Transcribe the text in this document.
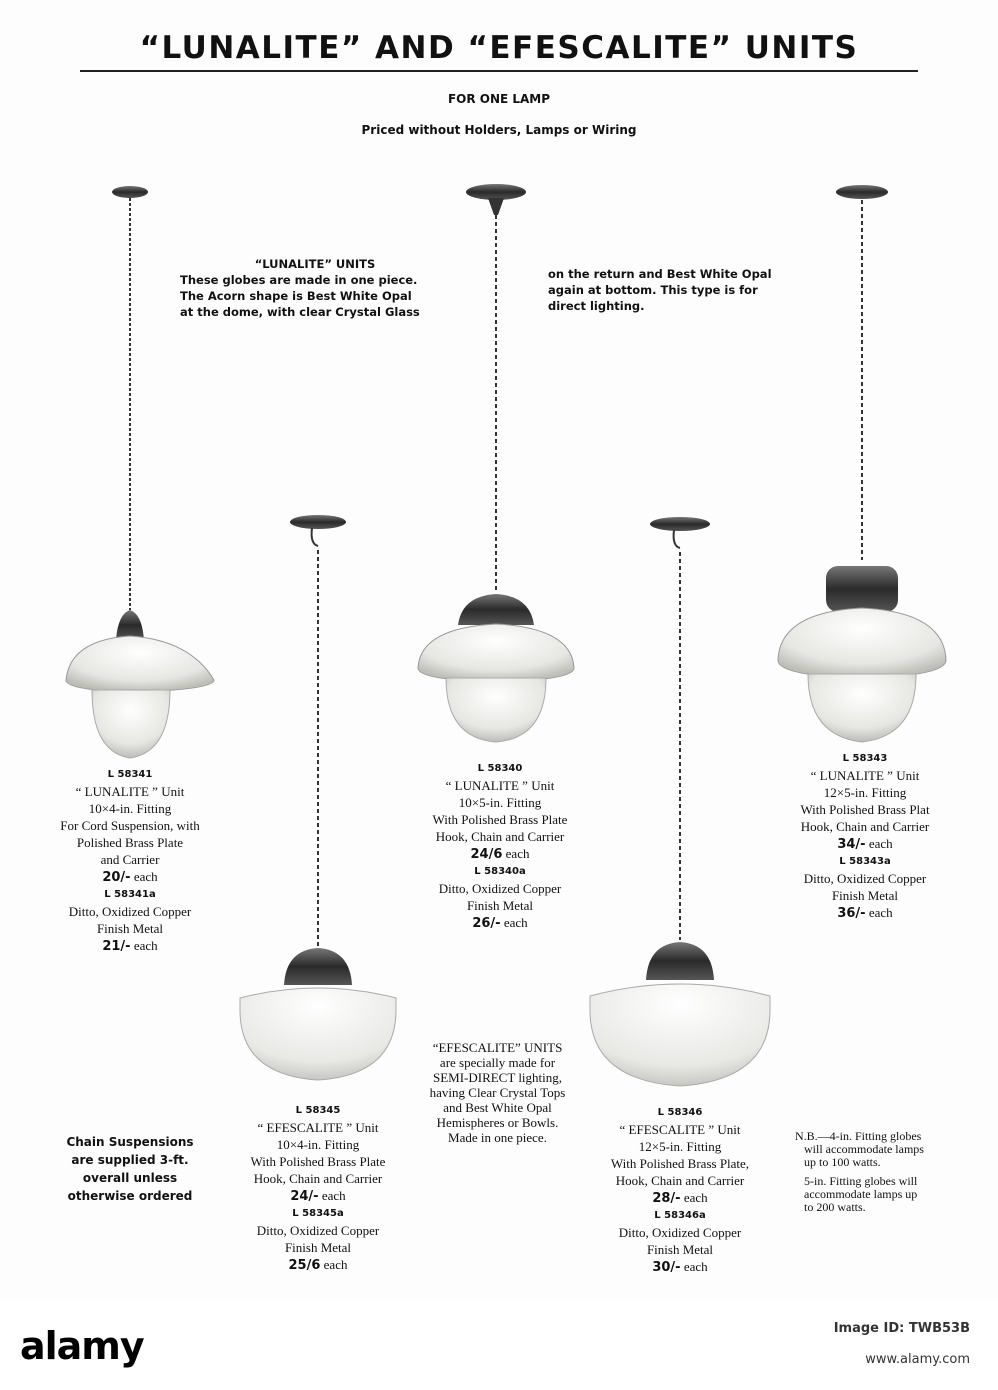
“LUNALITE” AND “EFESCALITE” UNITS
FOR ONE LAMP
Priced without Holders, Lamps or Wiring
“LUNALITE” UNITS
These globes are made in one piece.
The Acorn shape is Best White Opal
at the dome, with clear Crystal Glass
on the return and Best White Opal
again at bottom. This type is for
direct lighting.
L 58341
“ LUNALITE ” Unit
10×4-in. Fitting
For Cord Suspension, with
Polished Brass Plate
and Carrier
20/- each
L 58341a
Ditto, Oxidized Copper
Finish Metal
21/- each
L 58340
“ LUNALITE ” Unit
10×5-in. Fitting
With Polished Brass Plate
Hook, Chain and Carrier
24/6 each
L 58340a
Ditto, Oxidized Copper
Finish Metal
26/- each
L 58343
“ LUNALITE ” Unit
12×5-in. Fitting
With Polished Brass Plat
Hook, Chain and Carrier
34/- each
L 58343a
Ditto, Oxidized Copper
Finish Metal
36/- each
L 58345
“ EFESCALITE ” Unit
10×4-in. Fitting
With Polished Brass Plate
Hook, Chain and Carrier
24/- each
L 58345a
Ditto, Oxidized Copper
Finish Metal
25/6 each
L 58346
“ EFESCALITE ” Unit
12×5-in. Fitting
With Polished Brass Plate,
Hook, Chain and Carrier
28/- each
L 58346a
Ditto, Oxidized Copper
Finish Metal
30/- each
“EFESCALITE” UNITS
are specially made for
SEMI-DIRECT lighting,
having Clear Crystal Tops
and Best White Opal
Hemispheres or Bowls.
Made in one piece.
Chain Suspensions
are supplied 3-ft.
overall unless
otherwise ordered

N.B.—4-in. Fitting globes
will accommodate lamps
up to 100 watts.

5-in. Fitting globes will
accommodate lamps up
to 200 watts.

alamy	Image ID: TWB53B
www.alamy.com
